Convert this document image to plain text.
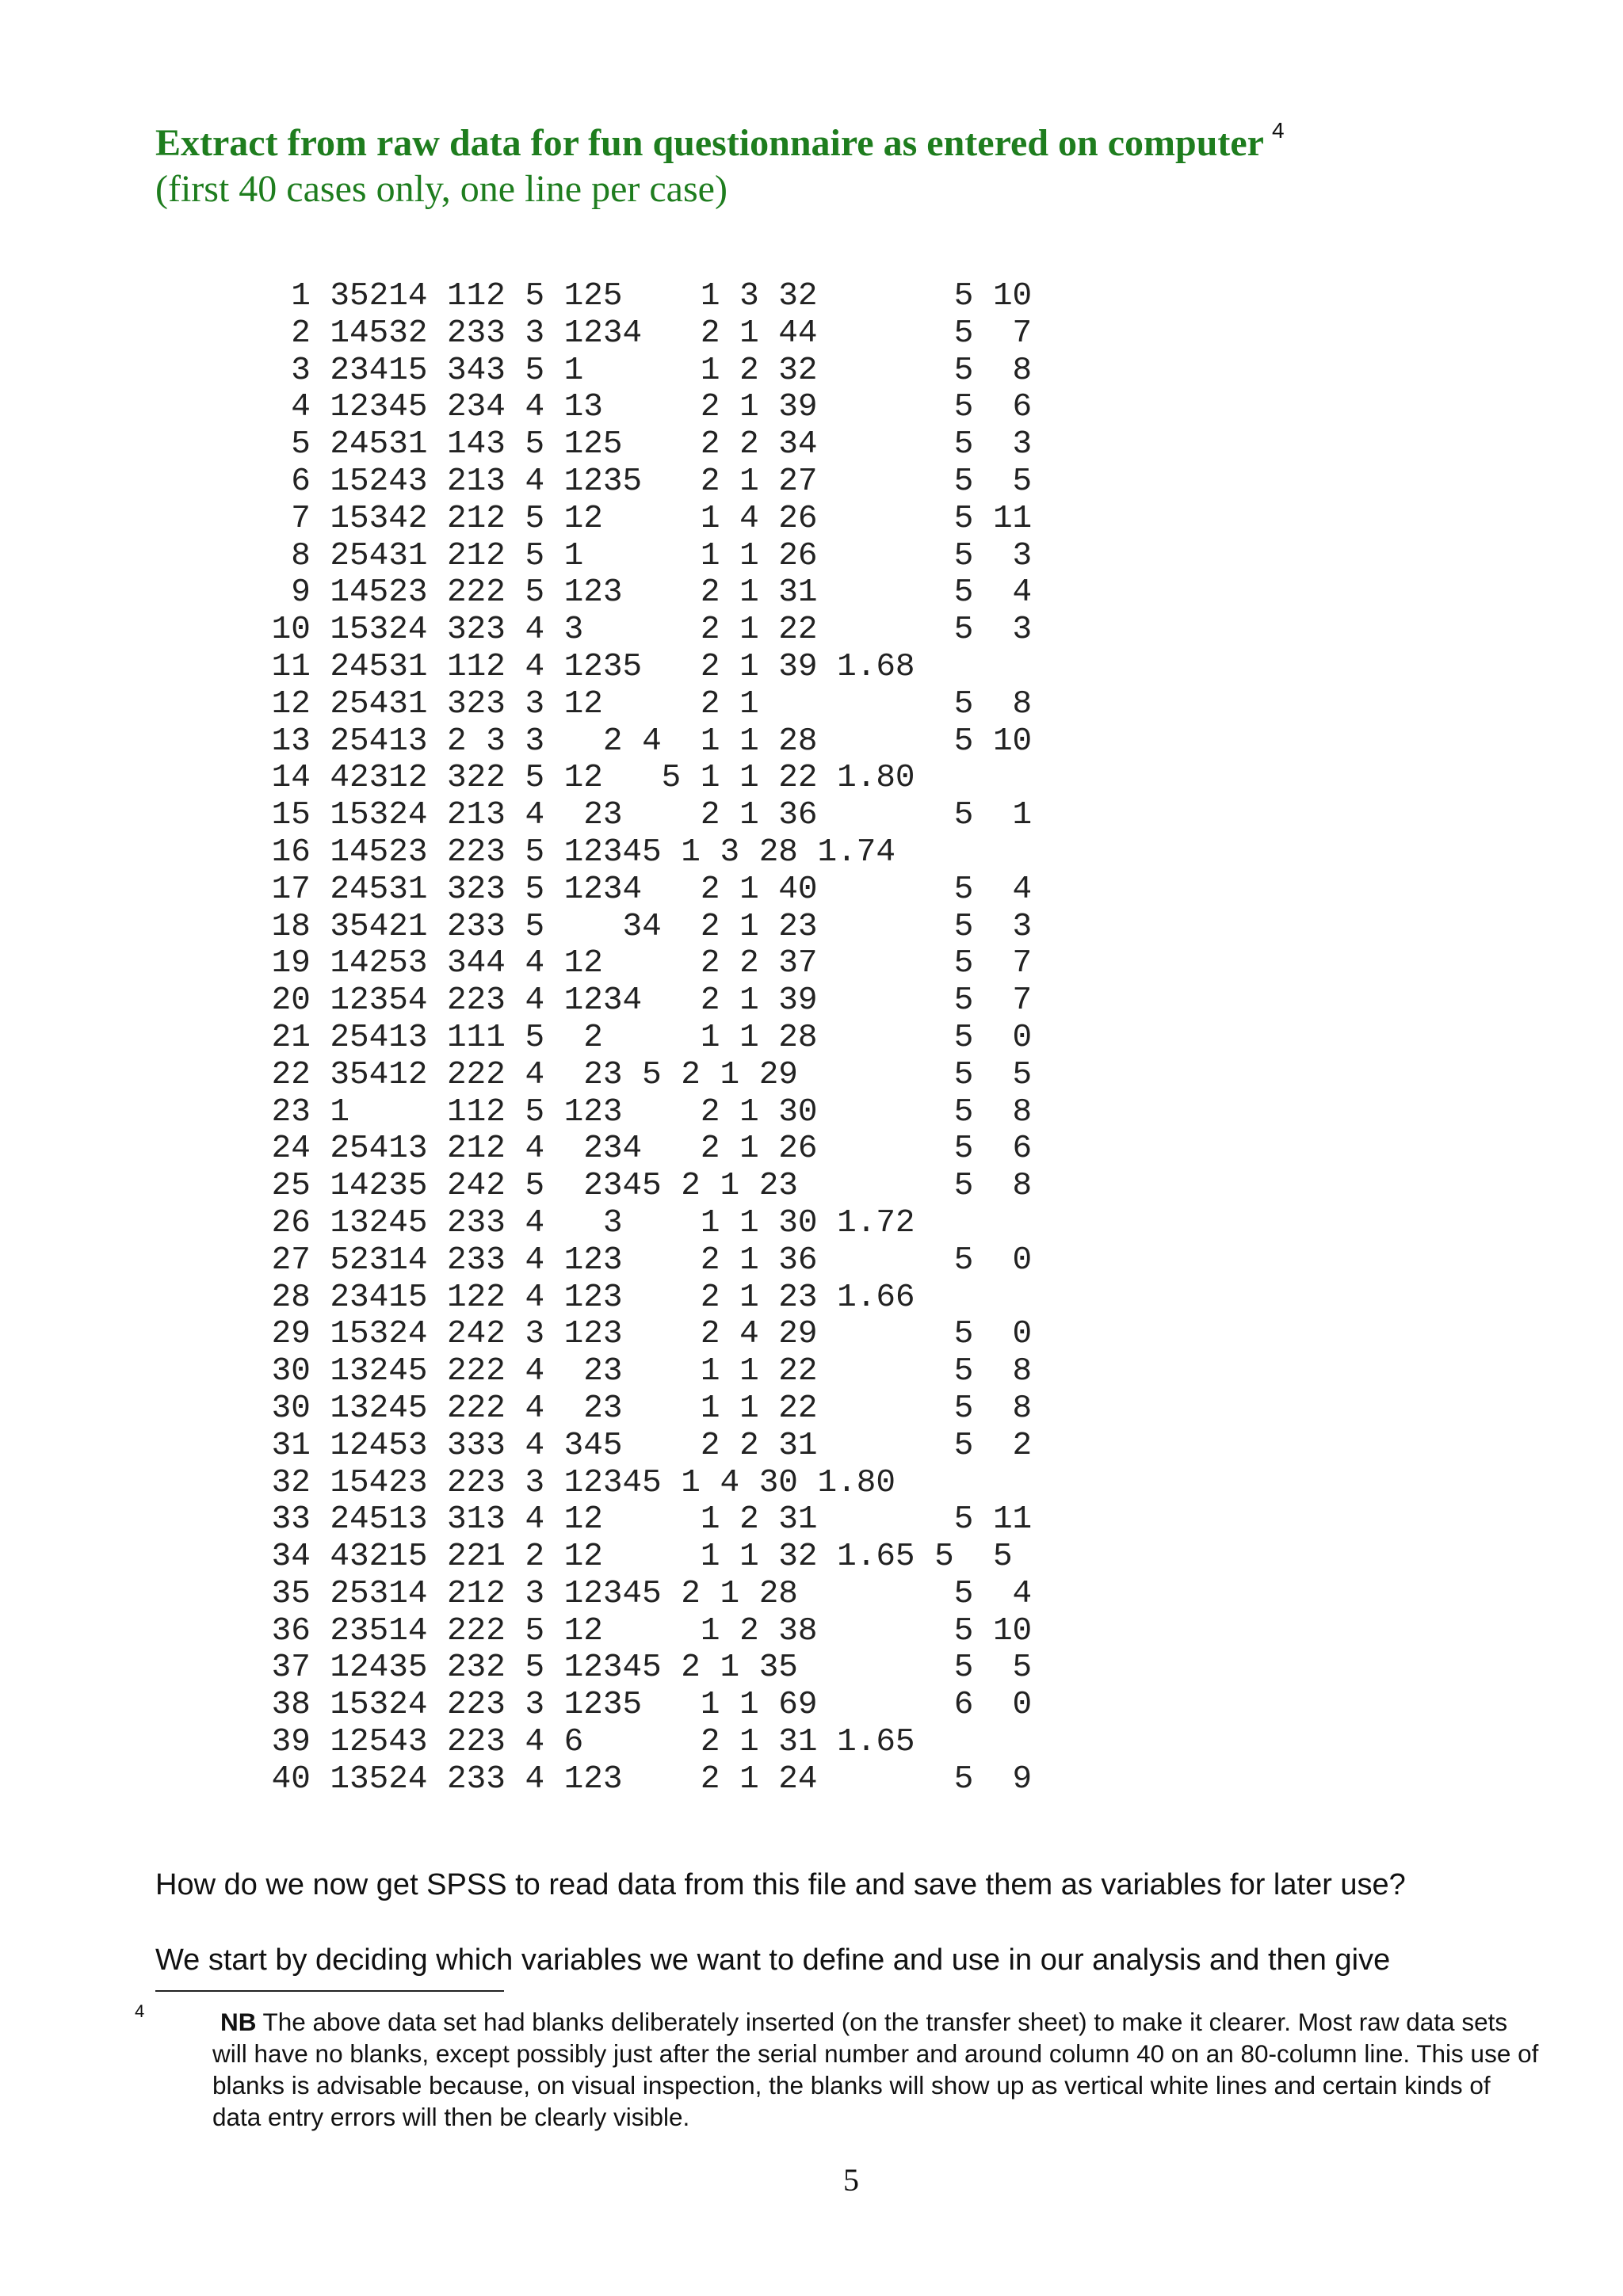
Extract from raw data for fun questionnaire as entered on computer $^4$
(first 40 cases only, one line per case)
1 35214 112 5 125    1 3 32       5 10
2 14532 233 3 1234   2 1 44       5  7
3 23415 343 5 1      1 2 32       5  8
4 12345 234 4 13     2 1 39       5  6
5 24531 143 5 125    2 2 34       5  3
6 15243 213 4 1235   2 1 27       5  5
7 15342 212 5 12     1 4 26       5 11
8 25431 212 5 1      1 1 26       5  3
9 14523 222 5 123    2 1 31       5  4
10 15324 323 4 3      2 1 22       5  3
11 24531 112 4 1235   2 1 39 1.68
12 25431 323 3 12     2 1          5  8
13 25413 2 3 3   2 4  1 1 28       5 10
14 42312 322 5 12   5 1 1 22 1.80
15 15324 213 4  23    2 1 36       5  1
16 14523 223 5 12345 1 3 28 1.74
17 24531 323 5 1234   2 1 40       5  4
18 35421 233 5    34  2 1 23       5  3
19 14253 344 4 12     2 2 37       5  7
20 12354 223 4 1234   2 1 39       5  7
21 25413 111 5  2     1 1 28       5  0
22 35412 222 4  23 5 2 1 29        5  5
23 1     112 5 123    2 1 30       5  8
24 25413 212 4  234   2 1 26       5  6
25 14235 242 5  2345 2 1 23        5  8
26 13245 233 4   3    1 1 30 1.72
27 52314 233 4 123    2 1 36       5  0
28 23415 122 4 123    2 1 23 1.66
29 15324 242 3 123    2 4 29       5  0
30 13245 222 4  23    1 1 22       5  8
30 13245 222 4  23    1 1 22       5  8
31 12453 333 4 345    2 2 31       5  2
32 15423 223 3 12345 1 4 30 1.80
33 24513 313 4 12     1 2 31       5 11
34 43215 221 2 12     1 1 32 1.65 5  5
35 25314 212 3 12345 2 1 28        5  4
36 23514 222 5 12     1 2 38       5 10
37 12435 232 5 12345 2 1 35        5  5
38 15324 223 3 1235   1 1 69       6  0
39 12543 223 4 6      2 1 31 1.65
40 13524 233 4 123    2 1 24       5  9
How do we now get SPSS to read data from this file and save them as variables for later use?
We start by deciding which variables we want to define and use in our analysis and then give
4	NB The above data set had blanks deliberately inserted (on the transfer sheet) to make it clearer. Most raw data sets will have no blanks, except possibly just after the serial number and around column 40 on an 80-column line. This use of blanks is advisable because, on visual inspection, the blanks will show up as vertical white lines and certain kinds of data entry errors will then be clearly visible.
5
